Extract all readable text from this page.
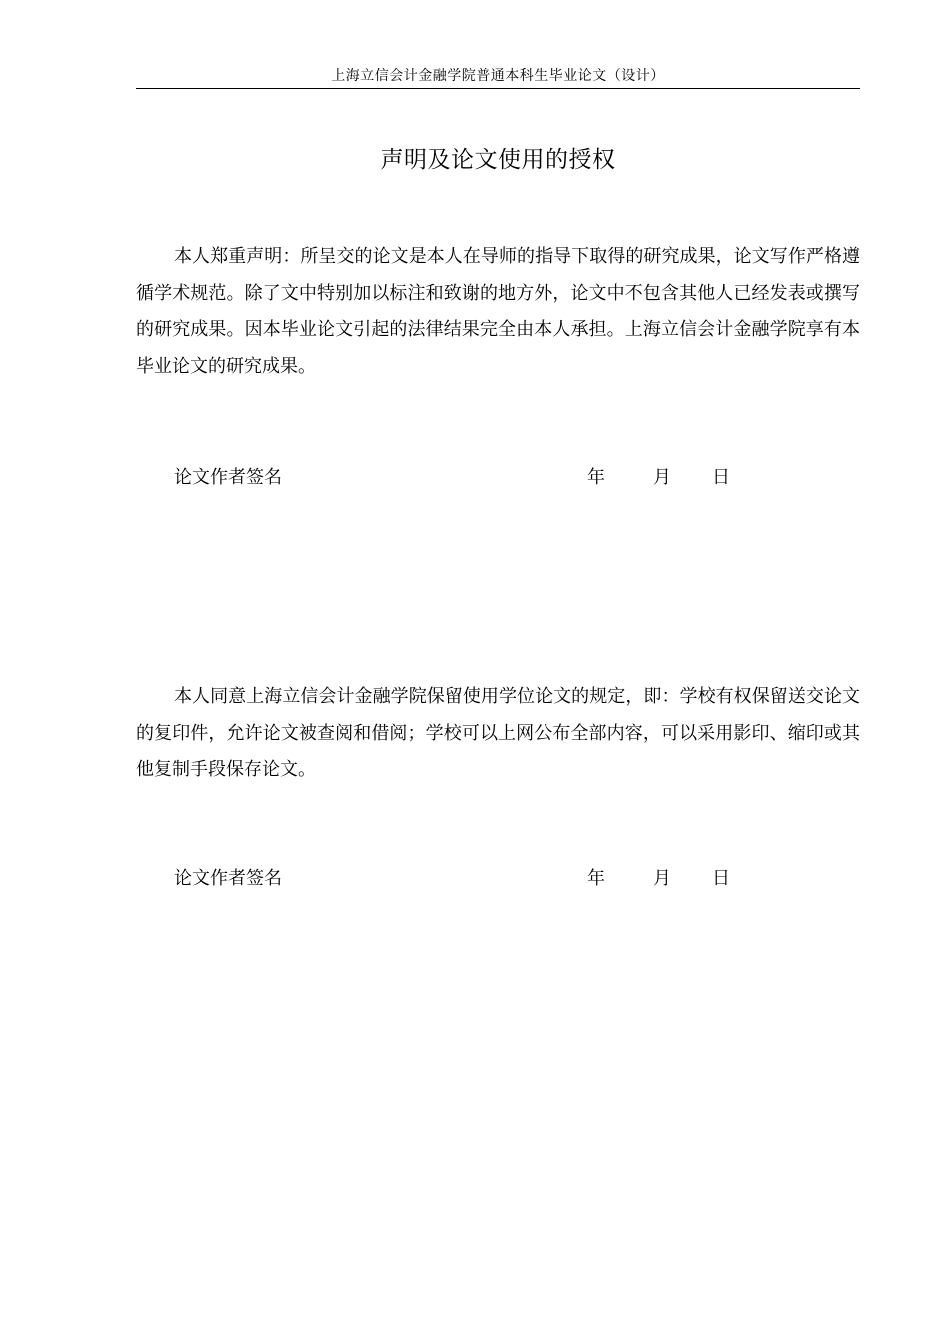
上海立信会计金融学院普通本科生毕业论文（设计）
声明及论文使用的授权

本人郑重声明：所呈交的论文是本人在导师的指导下取得的研究成果，论文写作严格遵循学术规范。除了文中特别加以标注和致谢的地方外，论文中不包含其他人已经发表或撰写的研究成果。因本毕业论文引起的法律结果完全由本人承担。上海立信会计金融学院享有本毕业论文的研究成果。

论文作者签名	年	月 日

本人同意上海立信会计金融学院保留使用学位论文的规定，即：学校有权保留送交论文的复印件，允许论文被查阅和借阅；学校可以上网公布全部内容，可以采用影印、缩印或其他复制手段保存论文。

论文作者签名	年	月 日
